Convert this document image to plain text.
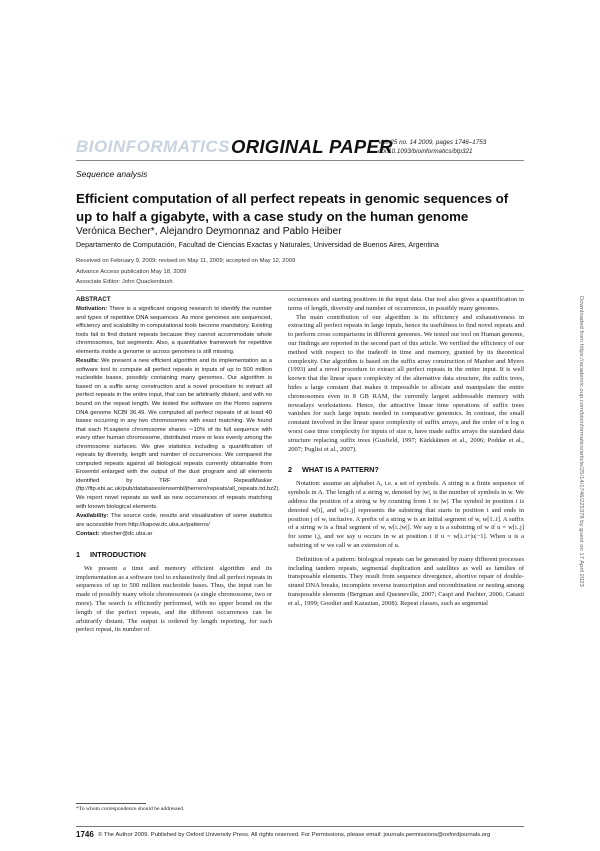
BIOINFORMATICS ORIGINAL PAPER
Vol. 25 no. 14 2009, pages 1746–1753
doi:10.1093/bioinformatics/btp321
Sequence analysis
Efficient computation of all perfect repeats in genomic sequences of up to half a gigabyte, with a case study on the human genome
Verónica Becher*, Alejandro Deymonnaz and Pablo Heiber
Departamento de Computación, Facultad de Ciencias Exactas y Naturales, Universidad de Buenos Aires, Argentina
Received on February 9, 2009; revised on May 11, 2009; accepted on May 12, 2009
Advance Access publication May 18, 2009
Associate Editor: John Quackenbush
ABSTRACT

Motivation: There is a significant ongoing research to identify the number and types of repetitive DNA sequences. As more genomes are sequenced, efficiency and scalability in computational tools become mandatory. Existing tools fail to find distant repeats because they cannot accommodate whole chromosomes, but segments. Also, a quantitative framework for repetitive elements inside a genome or across genomes is still missing.

Results: We present a new efficient algorithm and its implementation as a software tool to compute all perfect repeats in inputs of up to 500 million nucleotide bases, possibly containing many genomes. Our algorithm is based on a suffix array construction and a novel procedure to extract all perfect repeats in the entire input, that can be arbitrarily distant, and with no bound on the repeat length. We tested the software on the Homo sapiens DNA genome NCBI 36.49. We computed all perfect repeats of at least 40 bases occurring in any two chromosomes with exact matching. We found that each H.sapiens chromosome shares ∼10% of its full sequence with every other human chromosome, distributed more or less evenly among the chromosome surfaces. We give statistics including a quantification of repeats by diversity, length and number of occurrences. We compared the computed repeats against all biological repeats currently obtainable from Ensembl enlarged with the output of the dust program and all elements identified by TRF and RepeatMasker (ftp://ftp.ebi.ac.uk/pub/databases/ensembl/jherrero/repeats/all_repeats.txt.bz2). We report novel repeats as well as new occurrences of repeats matching with known biological elements.

Availability: The source code, results and visualization of some statistics are accessible from http://kapow.dc.uba.ar/patterns/

Contact: vbecher@dc.uba.ar

1 INTRODUCTION

We present a time and memory efficient algorithm and its implementation as a software tool to exhaustively find all perfect repeats in sequences of up to 500 million nucleotide bases. Thus, the input can be made of possibly many whole chromosomes (a single chromosome, two or more). The search is efficiently performed, with no upper bound on the length of the perfect repeats, and the different occurrences can be arbitrarily distant. The output is ordered by length reporting, for each perfect repeat, its number of

occurrences and starting positions in the input data. Our tool also gives a quantification in terms of length, diversity and number of occurrences, in possibly many genomes.

The main contribution of our algorithm is its efficiency and exhaustiveness in extracting all perfect repeats in large inputs, hence its usefulness to find novel repeats and to perform cross comparisons in different genomes. We tested our tool on Human genome, our findings are reported in the second part of this article. We verified the efficiency of our method with respect to the tradeoff in time and memory, granted by its theoretical complexity. Our algorithm is based on the suffix array construction of Manber and Myers (1993) and a novel procedure to extract all perfect repeats in the entire input. It is well known that the linear space complexity of the alternative data structure, the suffix trees, hides a large constant that makes it impossible to allocate and manipulate the entire chromosomes even in 8 GB RAM, the currently largest addressable memory with nowadays workstations. Hence, the attractive linear time operations of suffix trees vanishes for such large inputs needed in comparative genomics. In contrast, the small constant involved in the linear space complexity of suffix arrays, and the order of n log n worst case time complexity for inputs of size n, have made suffix arrays the standard data structure replacing suffix trees (Gusfield, 1997; Kärkkäinen et al., 2006; Poddar et al., 2007; Puglisi et al., 2007).

2 WHAT IS A PATTERN?

Notation: assume an alphabet A, i.e. a set of symbols. A string is a finite sequence of symbols in A. The length of a string w, denoted by |w|, is the number of symbols in w. We address the position of a string w by counting from 1 to |w|. The symbol in position i is denoted w[i], and w[i..j] represents the substring that starts in position i and ends in position j of w, inclusive. A prefix of a string w is an initial segment of w, w[1..i]. A suffix of a string w is a final segment of w, w[i..|w|]. We say u is a substring of w if u = w[i..j] for some i,j, and we say u occurs in w at position i if u = w[i..i+|u|−1]. When u is a substring of w we call w an extension of u.

Definition of a pattern: biological repeats can be generated by many different processes including tandem repeats, segmental duplication and satellites as well as families of transposable elements. They result from sequence divergence, abortive repair of double-strand DNA breaks, incomplete reverse transcription and recombination or nesting among transposable elements (Bergman and Quesneville, 2007; Caspi and Pachter, 2006; Catasti et al., 1999; Goodier and Kazazian, 2008). Repeat classes, such as segmental

*To whom correspondence should be addressed.
1746 © The Author 2009. Published by Oxford University Press. All rights reserved. For Permissions, please email: journals.permissions@oxfordjournals.org
Downloaded from https://academic.oup.com/bioinformatics/article/25/14/1746/225378 by guest on 17 April 2023
